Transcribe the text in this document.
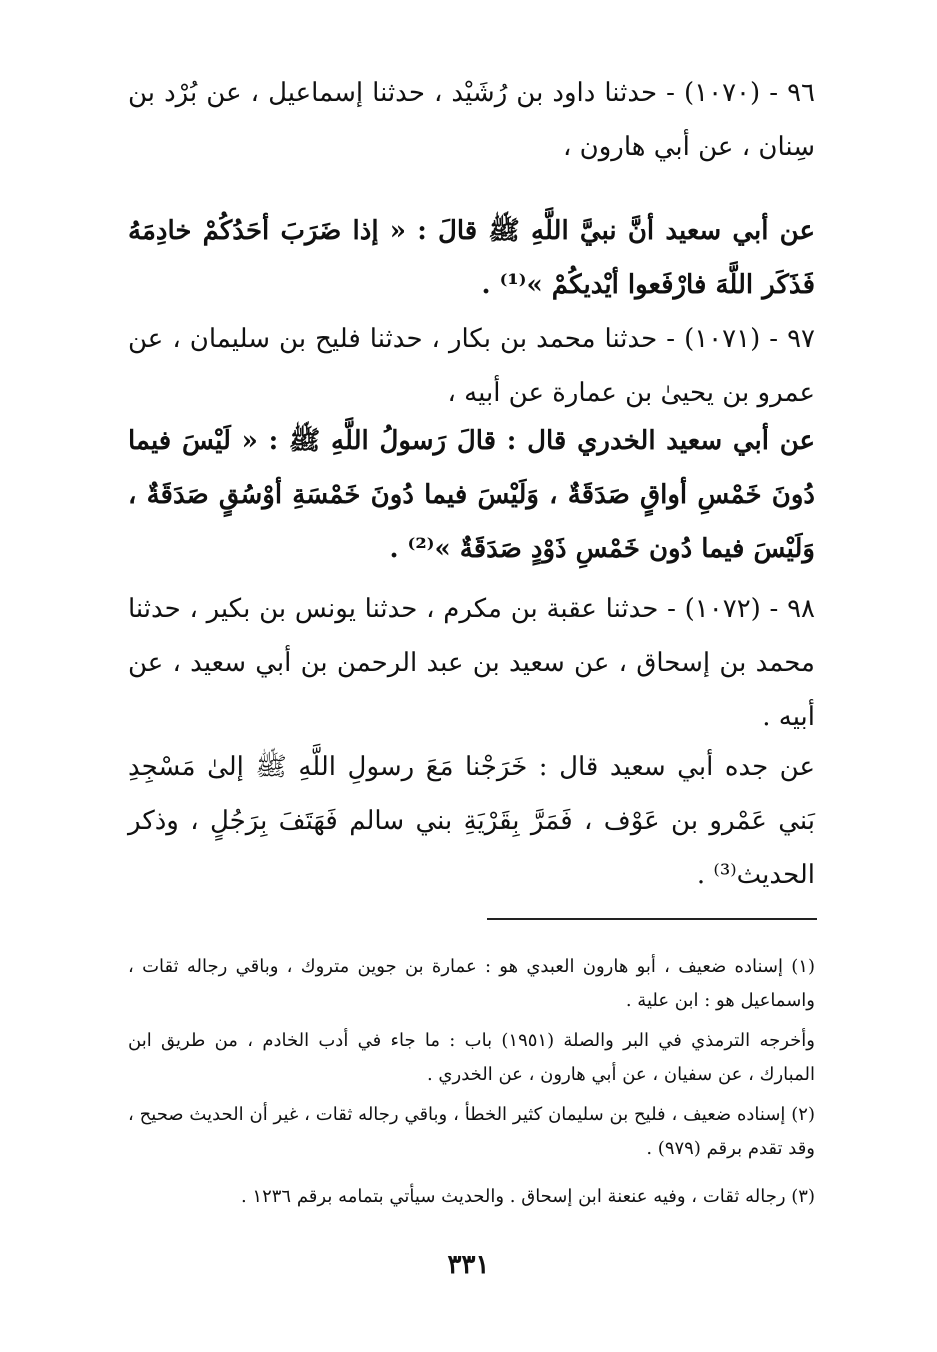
٩٦ - (١٠٧٠) - حدثنا داود بن رُشَيْد ، حدثنا إسماعيل ، عن بُرْد بن سِنان ، عن أبي هارون ،

عن أبي سعيد أنَّ نبيَّ اللَّهِ ﷺ قالَ : « إذا ضَرَبَ أحَدُكُمْ خادِمَهُ فَذَكَر اللَّهَ فارْفَعوا أيْديكُمْ »⁽¹⁾ .

٩٧ - (١٠٧١) - حدثنا محمد بن بكار ، حدثنا فليح بن سليمان ، عن عمرو بن يحيىٰ بن عمارة عن أبيه ،

عن أبي سعيد الخدري قال : قالَ رَسولُ اللَّهِ ﷺ : « لَيْسَ فيما دُونَ خَمْسِ أواقٍ صَدَقَةٌ ، وَلَيْسَ فيما دُونَ خَمْسَةِ أوْسُقٍ صَدَقَةٌ ، وَلَيْسَ فيما دُون خَمْسِ ذَوْدٍ صَدَقَةٌ »⁽²⁾ .

٩٨ - (١٠٧٢) - حدثنا عقبة بن مكرم ، حدثنا يونس بن بكير ، حدثنا محمد بن إسحاق ، عن سعيد بن عبد الرحمن بن أبي سعيد ، عن أبيه .

عن جده أبي سعيد قال : خَرَجْنا مَعَ رسولِ اللَّهِ ﷺ إلىٰ مَسْجِدِ بَني عَمْرو بن عَوْف ، فَمَرَّ بِقَرْيَةِ بني سالم فَهَتَفَ بِرَجُلٍ ، وذكر الحديث⁽³⁾ .

(١) إسناده ضعيف ، أبو هارون العبدي هو : عمارة بن جوين متروك ، وباقي رجاله ثقات ، واسماعيل هو : ابن علية .

وأخرجه الترمذي في البر والصلة (١٩٥١) باب : ما جاء في أدب الخادم ، من طريق ابن المبارك ، عن سفيان ، عن أبي هارون ، عن الخدري .

(٢) إسناده ضعيف ، فليح بن سليمان كثير الخطأ ، وباقي رجاله ثقات ، غير أن الحديث صحيح ، وقد تقدم برقم (٩٧٩) .

(٣) رجاله ثقات ، وفيه عنعنة ابن إسحاق . والحديث سيأتي بتمامه برقم ١٢٣٦ .

٣٣١
